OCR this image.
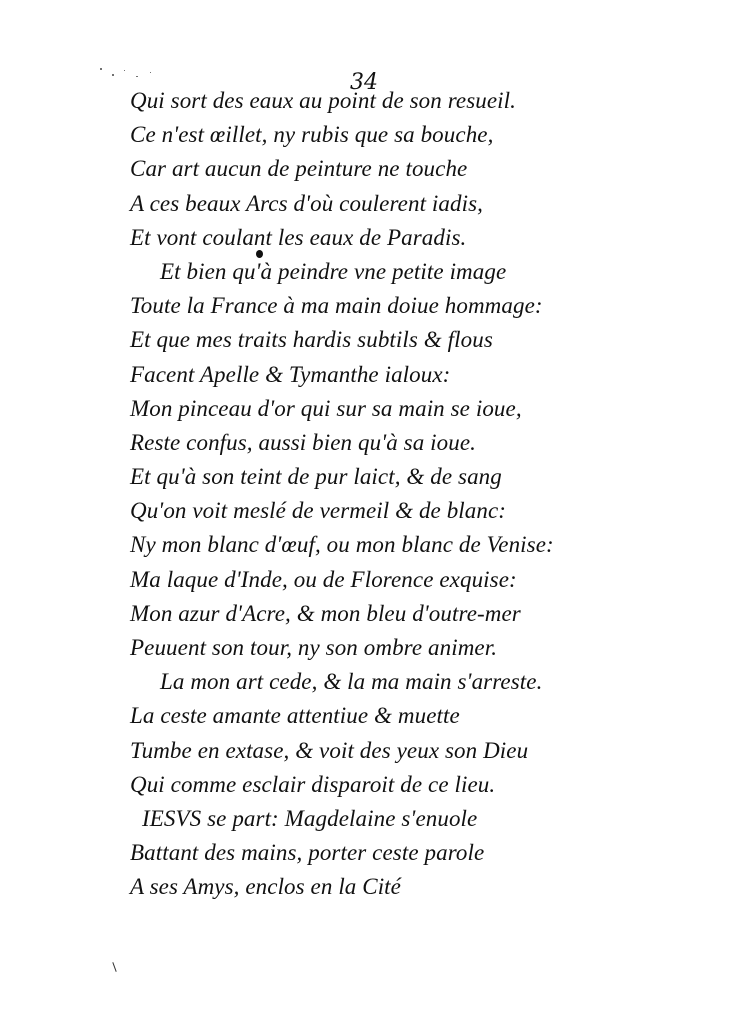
34
Qui sort des eaux au point de son resueil.
Ce n'est œillet, ny rubis que sa bouche,
Car art aucun de peinture ne touche
A ces beaux Arcs d'où coulerent iadis,
Et vont coulant les eaux de Paradis.
Et bien qu'à peindre vne petite image
Toute la France à ma main doiue hommage:
Et que mes traits hardis subtils & flous
Facent Apelle & Tymanthe ialoux:
Mon pinceau d'or qui sur sa main se ioue,
Reste confus, aussi bien qu'à sa ioue.
Et qu'à son teint de pur laict, & de sang
Qu'on voit meslé de vermeil & de blanc:
Ny mon blanc d'œuf, ou mon blanc de Venise:
Ma laque d'Inde, ou de Florence exquise:
Mon azur d'Acre, & mon bleu d'outre-mer
Peuuent son tour, ny son ombre animer.
La mon art cede, & la ma main s'arreste.
La ceste amante attentiue & muette
Tumbe en extase, & voit des yeux son Dieu
Qui comme esclair disparoit de ce lieu.
IESVS se part: Magdelaine s'enuole
Battant des mains, porter ceste parole
A ses Amys, enclos en la Cité
